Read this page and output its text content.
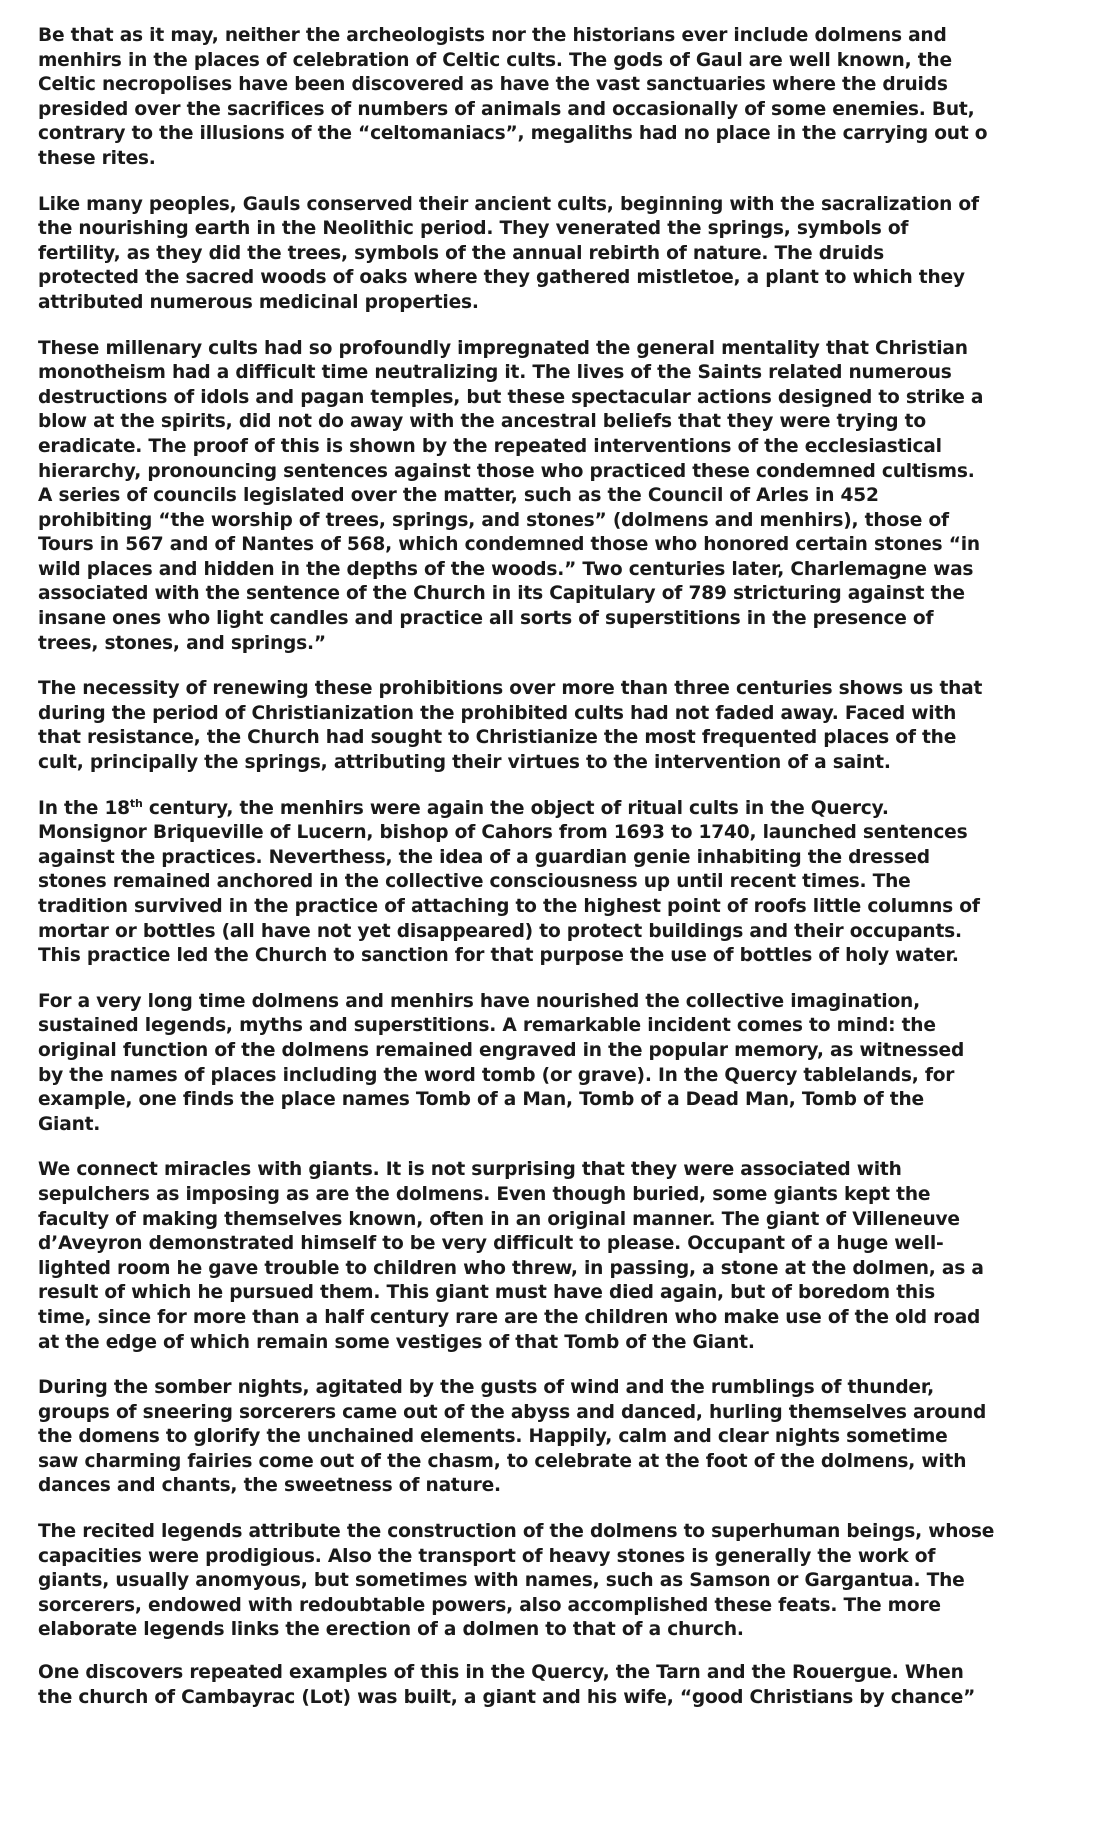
Be that as it may, neither the archeologists nor the historians ever include dolmens and
menhirs in the places of celebration of Celtic cults. The gods of Gaul are well known, the
Celtic necropolises have been discovered as have the vast sanctuaries where the druids
presided over the sacrifices of numbers of animals and occasionally of some enemies. But,
contrary to the illusions of the “celtomaniacs”, megaliths had no place in the carrying out o
these rites.

Like many peoples, Gauls conserved their ancient cults, beginning with the sacralization of
the nourishing earth in the Neolithic period. They venerated the springs, symbols of
fertility, as they did the trees, symbols of the annual rebirth of nature. The druids
protected the sacred woods of oaks where they gathered mistletoe, a plant to which they
attributed numerous medicinal properties.

These millenary cults had so profoundly impregnated the general mentality that Christian
monotheism had a difficult time neutralizing it. The lives of the Saints related numerous
destructions of idols and pagan temples, but these spectacular actions designed to strike a
blow at the spirits, did not do away with the ancestral beliefs that they were trying to
eradicate. The proof of this is shown by the repeated interventions of the ecclesiastical
hierarchy, pronouncing sentences against those who practiced these condemned cultisms.
A series of councils legislated over the matter, such as the Council of Arles in 452
prohibiting “the worship of trees, springs, and stones” (dolmens and menhirs), those of
Tours in 567 and of Nantes of 568, which condemned those who honored certain stones “in
wild places and hidden in the depths of the woods.” Two centuries later, Charlemagne was
associated with the sentence of the Church in its Capitulary of 789 stricturing against the
insane ones who light candles and practice all sorts of superstitions in the presence of
trees, stones, and springs.”

The necessity of renewing these prohibitions over more than three centuries shows us that
during the period of Christianization the prohibited cults had not faded away. Faced with
that resistance, the Church had sought to Christianize the most frequented places of the
cult, principally the springs, attributing their virtues to the intervention of a saint.

In the 18th century, the menhirs were again the object of ritual cults in the Quercy.
Monsignor Briqueville of Lucern, bishop of Cahors from 1693 to 1740, launched sentences
against the practices. Neverthess, the idea of a guardian genie inhabiting the dressed
stones remained anchored in the collective consciousness up until recent times. The
tradition survived in the practice of attaching to the highest point of roofs little columns of
mortar or bottles (all have not yet disappeared) to protect buildings and their occupants.
This practice led the Church to sanction for that purpose the use of bottles of holy water.

For a very long time dolmens and menhirs have nourished the collective imagination,
sustained legends, myths and superstitions. A remarkable incident comes to mind: the
original function of the dolmens remained engraved in the popular memory, as witnessed
by the names of places including the word tomb (or grave). In the Quercy tablelands, for
example, one finds the place names Tomb of a Man, Tomb of a Dead Man, Tomb of the
Giant.

We connect miracles with giants. It is not surprising that they were associated with
sepulchers as imposing as are the dolmens. Even though buried, some giants kept the
faculty of making themselves known, often in an original manner. The giant of Villeneuve
d’Aveyron demonstrated himself to be very difficult to please. Occupant of a huge well-
lighted room he gave trouble to children who threw, in passing, a stone at the dolmen, as a
result of which he pursued them. This giant must have died again, but of boredom this
time, since for more than a half century rare are the children who make use of the old road
at the edge of which remain some vestiges of that Tomb of the Giant.

During the somber nights, agitated by the gusts of wind and the rumblings of thunder,
groups of sneering sorcerers came out of the abyss and danced, hurling themselves around
the domens to glorify the unchained elements. Happily, calm and clear nights sometime
saw charming fairies come out of the chasm, to celebrate at the foot of the dolmens, with
dances and chants, the sweetness of nature.

The recited legends attribute the construction of the dolmens to superhuman beings, whose
capacities were prodigious. Also the transport of heavy stones is generally the work of
giants, usually anomyous, but sometimes with names, such as Samson or Gargantua. The
sorcerers, endowed with redoubtable powers, also accomplished these feats. The more
elaborate legends links the erection of a dolmen to that of a church.

One discovers repeated examples of this in the Quercy, the Tarn and the Rouergue. When
the church of Cambayrac (Lot) was built, a giant and his wife, “good Christians by chance”
